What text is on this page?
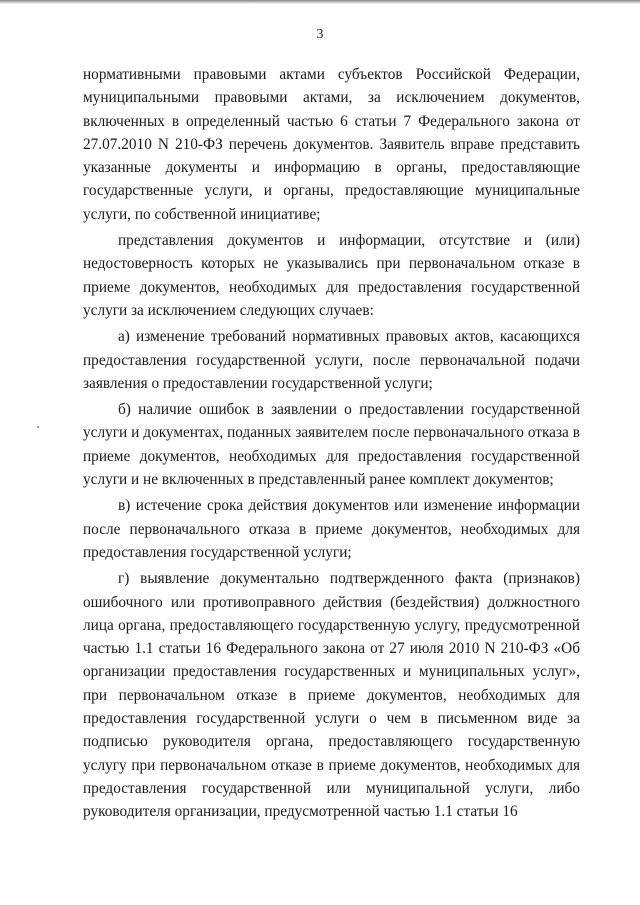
3

нормативными правовыми актами субъектов Российской Федерации, муниципальными правовыми актами, за исключением документов, включенных в определенный частью 6 статьи 7 Федерального закона от 27.07.2010 N 210-ФЗ перечень документов. Заявитель вправе представить указанные документы и информацию в органы, предоставляющие государственные услуги, и органы, предоставляющие муниципальные услуги, по собственной инициативе;

представления документов и информации, отсутствие и (или) недостоверность которых не указывались при первоначальном отказе в приеме документов, необходимых для предоставления государственной услуги за исключением следующих случаев:

а) изменение требований нормативных правовых актов, касающихся предоставления государственной услуги, после первоначальной подачи заявления о предоставлении государственной услуги;

б) наличие ошибок в заявлении о предоставлении государственной услуги и документах, поданных заявителем после первоначального отказа в приеме документов, необходимых для предоставления государственной услуги и не включенных в представленный ранее комплект документов;

в) истечение срока действия документов или изменение информации после первоначального отказа в приеме документов, необходимых для предоставления государственной услуги;

г) выявление документально подтвержденного факта (признаков) ошибочного или противоправного действия (бездействия) должностного лица органа, предоставляющего государственную услугу, предусмотренной частью 1.1 статьи 16 Федерального закона от 27 июля 2010 N 210-ФЗ «Об организации предоставления государственных и муниципальных услуг», при первоначальном отказе в приеме документов, необходимых для предоставления государственной услуги о чем в письменном виде за подписью руководителя органа, предоставляющего государственную услугу при первоначальном отказе в приеме документов, необходимых для предоставления государственной или муниципальной услуги, либо руководителя организации, предусмотренной частью 1.1 статьи 16
